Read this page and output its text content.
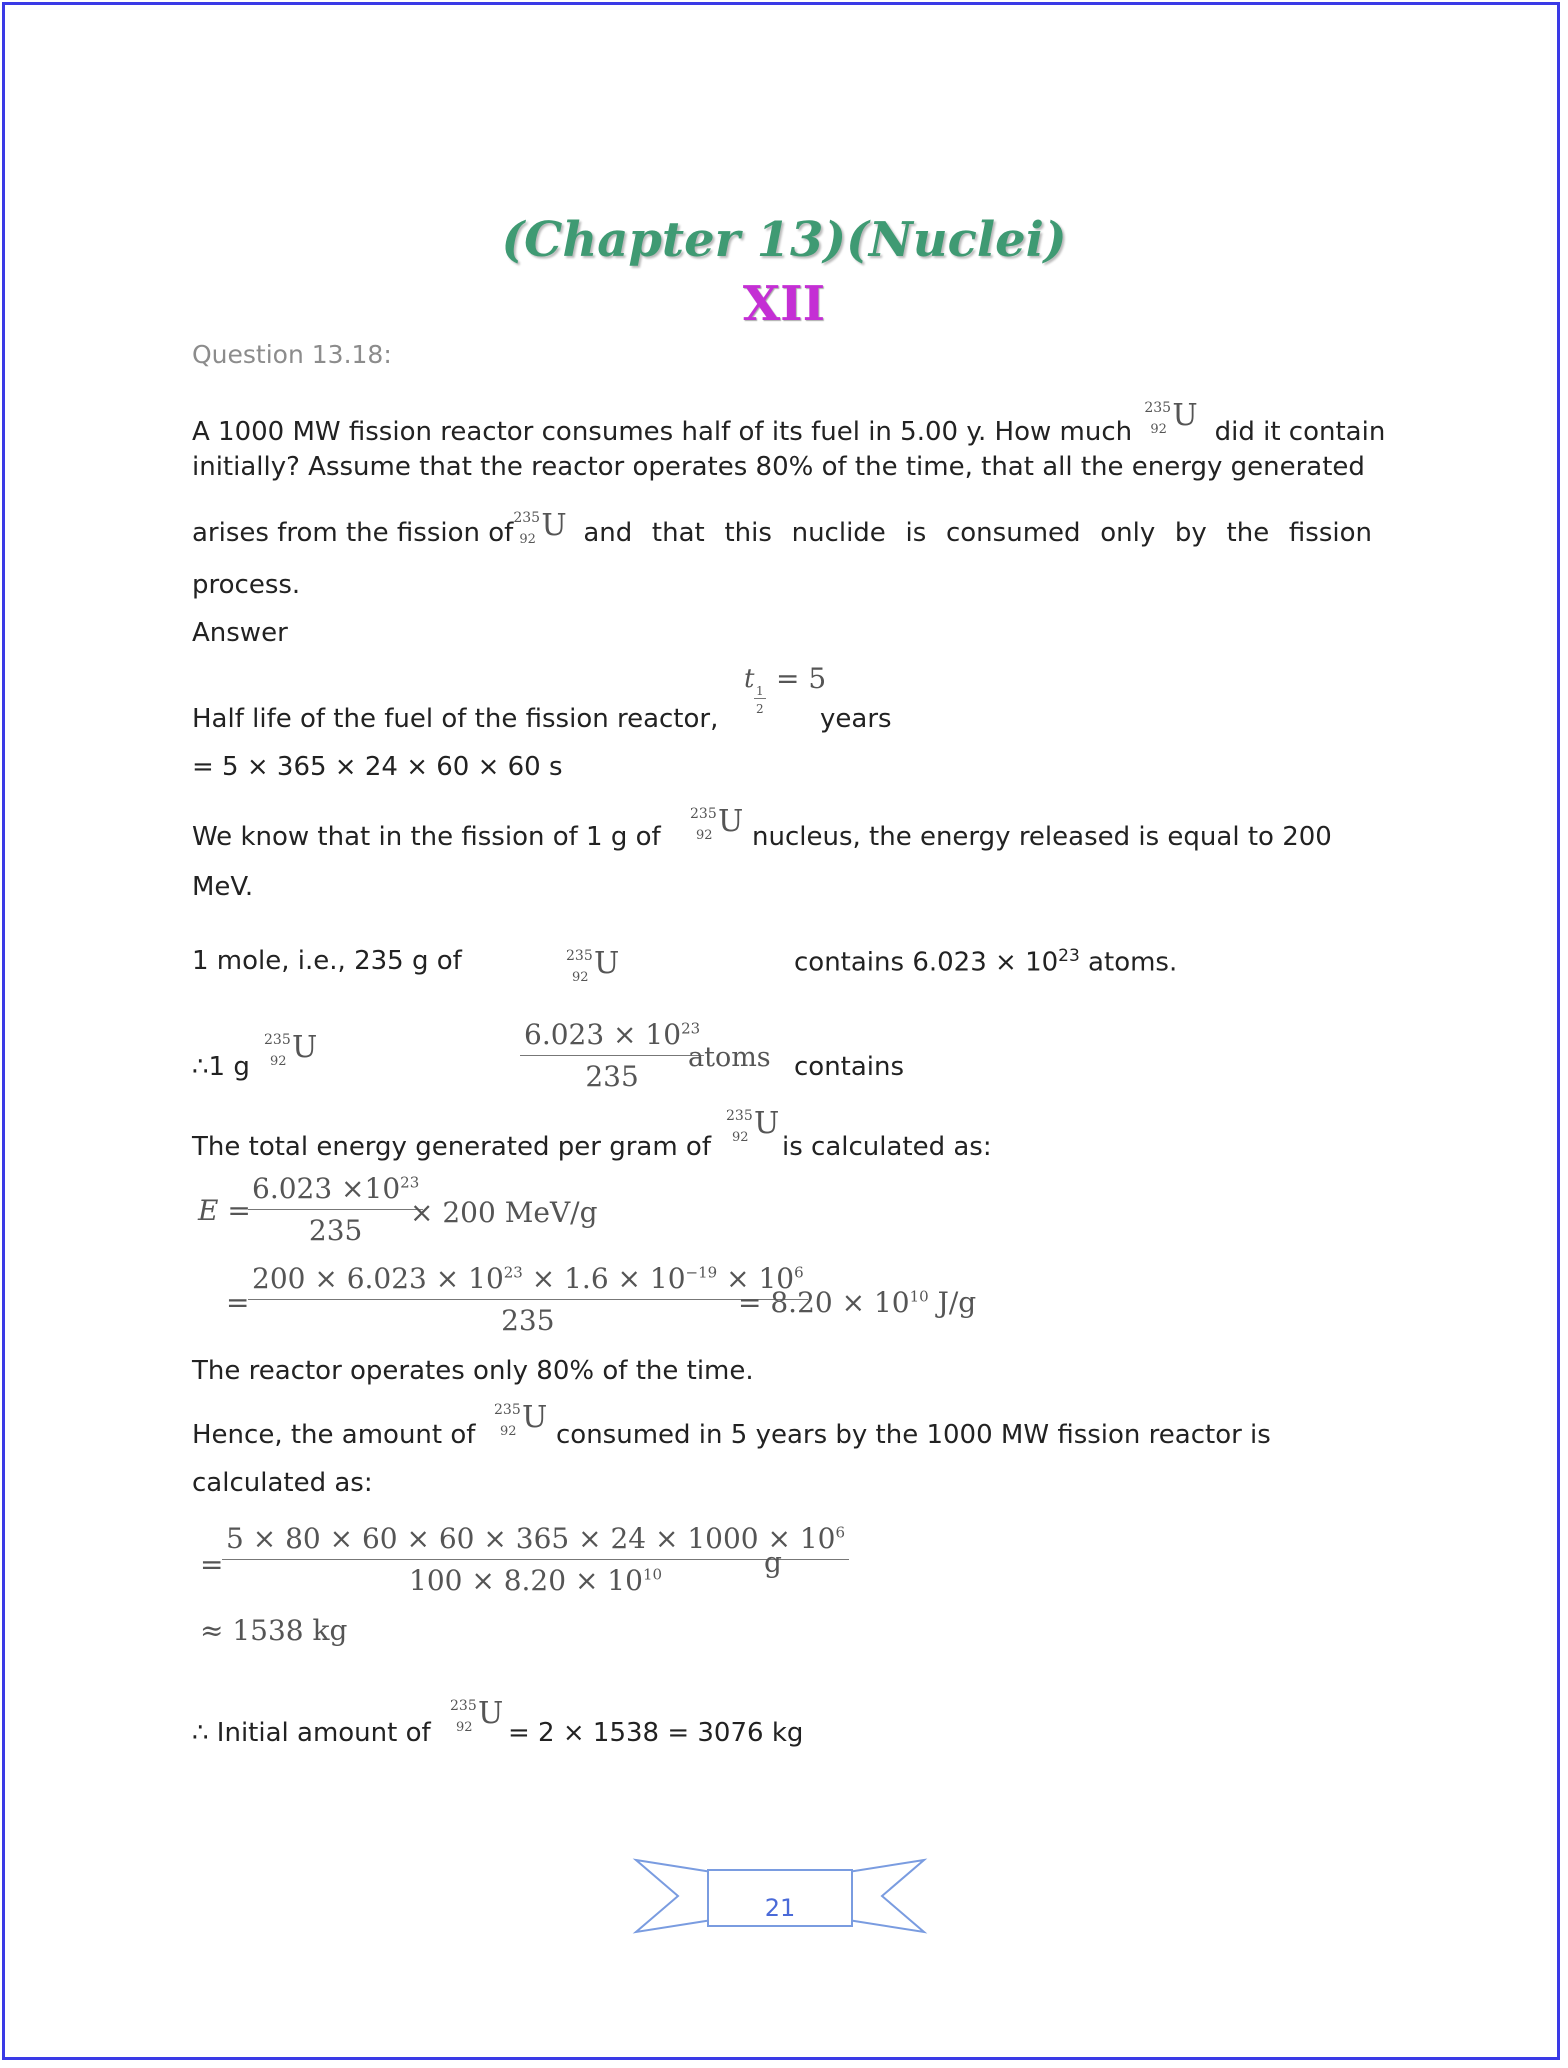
(Chapter 13)(Nuclei)
XII
Question 13.18:
A 1000 MW fission reactor consumes half of its fuel in 5.00 y. How much
235
92 U did it contain
initially? Assume that the reactor operates 80% of the time, that all the energy generated
arises from the fission of 235
92 U and that this nuclide is consumed only by the fission
process.
Answer
Half life of the fuel of the fission reactor,
t 1
2
= 5
years
= 5 × 365 × 24 × 60 × 60 s
We know that in the fission of 1 g of
235
92 U nucleus, the energy released is equal to 200
MeV.
1 mole, i.e., 235 g of	235
92 U	contains $6.023 \times 10^{23}$ atoms.
∴1 g
235
92 U	$\frac{6.023 \times 10^{23}}{235}$
atoms contains
The total energy generated per gram of
235
92 U
is calculated as:
E =
$\frac{6.023 \times 10^{23}}{235}$
× 200 MeV/g
=
$\frac{200 \times 6.023 \times 10^{23} \times 1.6 \times 10^{-19} \times 10^6}{235}$
= $8.20 \times 10^{10}$ J/g
The reactor operates only 80% of the time.
Hence, the amount of
235
92 U consumed in 5 years by the 1000 MW fission reactor is
calculated as:
=
$\frac{5 \times 80 \times 60 \times 60 \times 365 \times 24 \times 1000 \times 10^6}{100 \times 8.20 \times 10^{10}}$
g
≈ 1538 kg
∴ Initial amount of
235
92 U
= 2 × 1538 = 3076 kg
21
